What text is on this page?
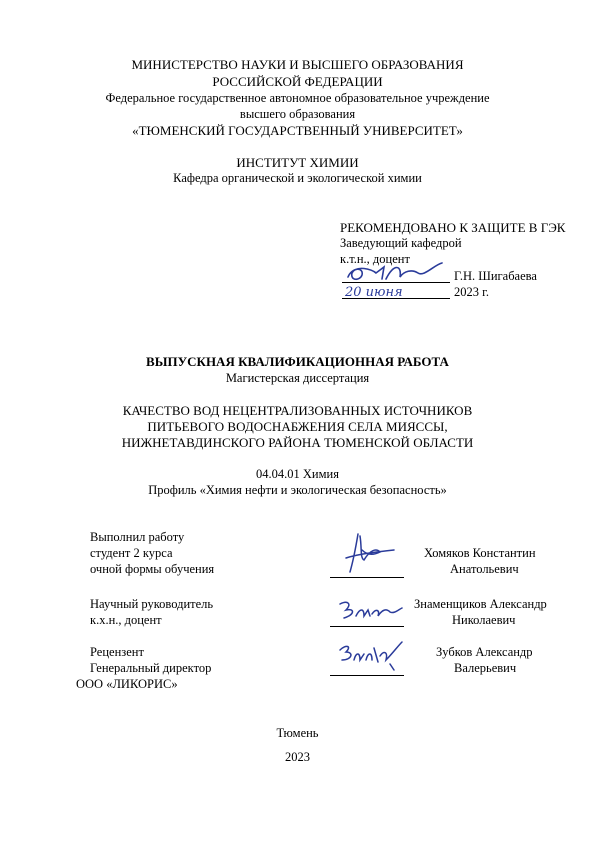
МИНИСТЕРСТВО НАУКИ И ВЫСШЕГО ОБРАЗОВАНИЯ
РОССИЙСКОЙ ФЕДЕРАЦИИ
Федеральное государственное автономное образовательное учреждение
высшего образования
«ТЮМЕНСКИЙ ГОСУДАРСТВЕННЫЙ УНИВЕРСИТЕТ»
ИНСТИТУТ ХИМИИ
Кафедра органической и экологической химии
РЕКОМЕНДОВАНО К ЗАЩИТЕ В ГЭК
Заведующий кафедрой
к.т.н., доцент
Г.Н. Шигабаева
20 июня	2023 г.
ВЫПУСКНАЯ КВАЛИФИКАЦИОННАЯ РАБОТА
Магистерская диссертация
КАЧЕСТВО ВОД НЕЦЕНТРАЛИЗОВАННЫХ ИСТОЧНИКОВ
ПИТЬЕВОГО ВОДОСНАБЖЕНИЯ СЕЛА МИЯССЫ,
НИЖНЕТАВДИНСКОГО РАЙОНА ТЮМЕНСКОЙ ОБЛАСТИ
04.04.01 Химия
Профиль «Химия нефти и экологическая безопасность»
Выполнил работу
студент 2 курса
очной формы обучения
Хомяков Константин
Анатольевич
Научный руководитель
к.х.н., доцент
Знаменщиков Александр
Николаевич
Рецензент
Генеральный директор
ООО «ЛИКОРИС»
Зубков Александр
Валерьевич
Тюмень
2023
